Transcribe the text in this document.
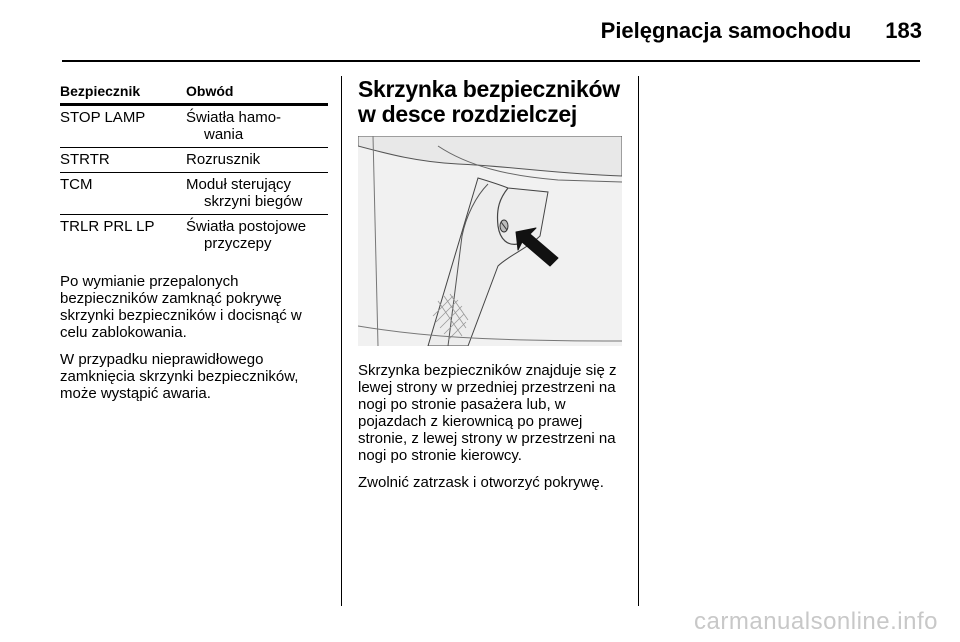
Pielęgnacja samochodu 183
Bezpiecznik	Obwód
STOP LAMP	Światła hamo-
wania

STRTR	Rozrusznik

TCM	Moduł sterujący
skrzyni biegów

TRLR PRL LP	Światła postojowe
przyczepy

Po wymianie przepalonych bezpieczników zamknąć pokrywę skrzynki bezpieczników i docisnąć w celu zablokowania.

W przypadku nieprawidłowego zamknięcia skrzynki bezpieczników, może wystąpić awaria.

Skrzynka bezpieczników w desce rozdzielczej

Skrzynka bezpieczników znajduje się z lewej strony w przedniej przestrzeni na nogi po stronie pasażera lub, w pojazdach z kierownicą po prawej stronie, z lewej strony w przestrzeni na nogi po stronie kierowcy.

Zwolnić zatrzask i otworzyć pokrywę.

carmanualsonline.info
